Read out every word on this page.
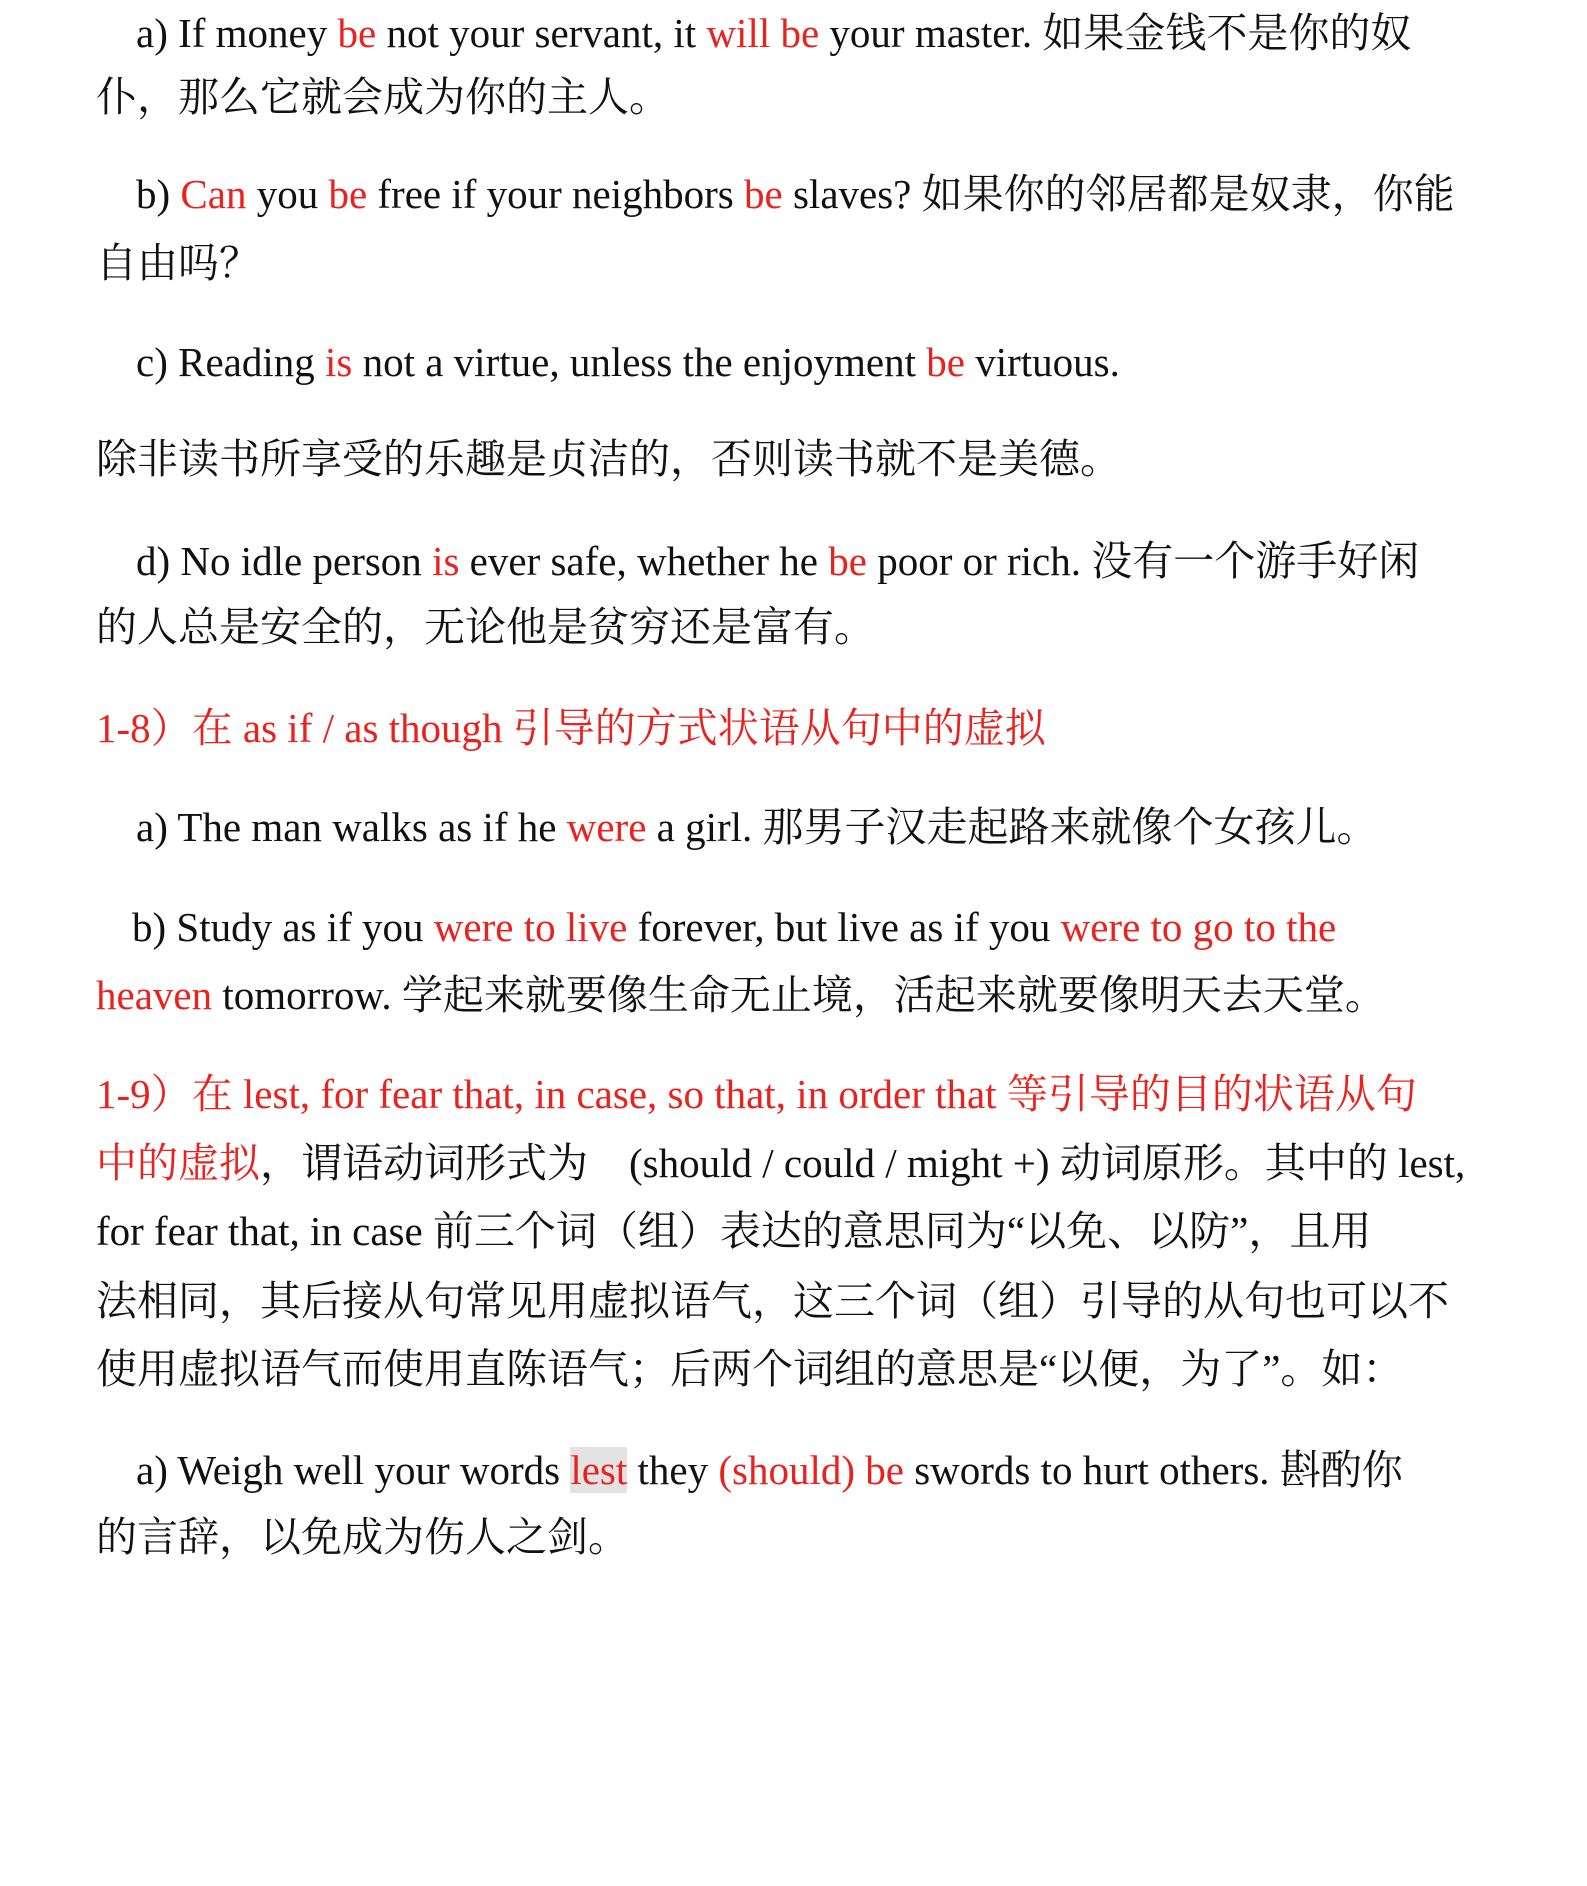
a) If money be not your servant, it will be your master. 如果金钱不是你的奴
仆，那么它就会成为你的主人。
b) Can you be free if your neighbors be slaves? 如果你的邻居都是奴隶，你能
自由吗？
c) Reading is not a virtue, unless the enjoyment be virtuous.
除非读书所享受的乐趣是贞洁的，否则读书就不是美德。
d) No idle person is ever safe, whether he be poor or rich. 没有一个游手好闲
的人总是安全的，无论他是贫穷还是富有。
1-8）在 as if / as though 引导的方式状语从句中的虚拟
a) The man walks as if he were a girl. 那男子汉走起路来就像个女孩儿。
b) Study as if you were to live forever, but live as if you were to go to the
heaven tomorrow. 学起来就要像生命无止境，活起来就要像明天去天堂。
1-9）在 lest, for fear that, in case, so that, in order that 等引导的目的状语从句
中的虚拟，谓语动词形式为　(should / could / might +) 动词原形。其中的 lest,
for fear that, in case 前三个词（组）表达的意思同为“以免、以防”，且用
法相同，其后接从句常见用虚拟语气，这三个词（组）引导的从句也可以不
使用虚拟语气而使用直陈语气；后两个词组的意思是“以便，为了”。如：
a) Weigh well your words lest they (should) be swords to hurt others. 斟酌你
的言辞，以免成为伤人之剑。
